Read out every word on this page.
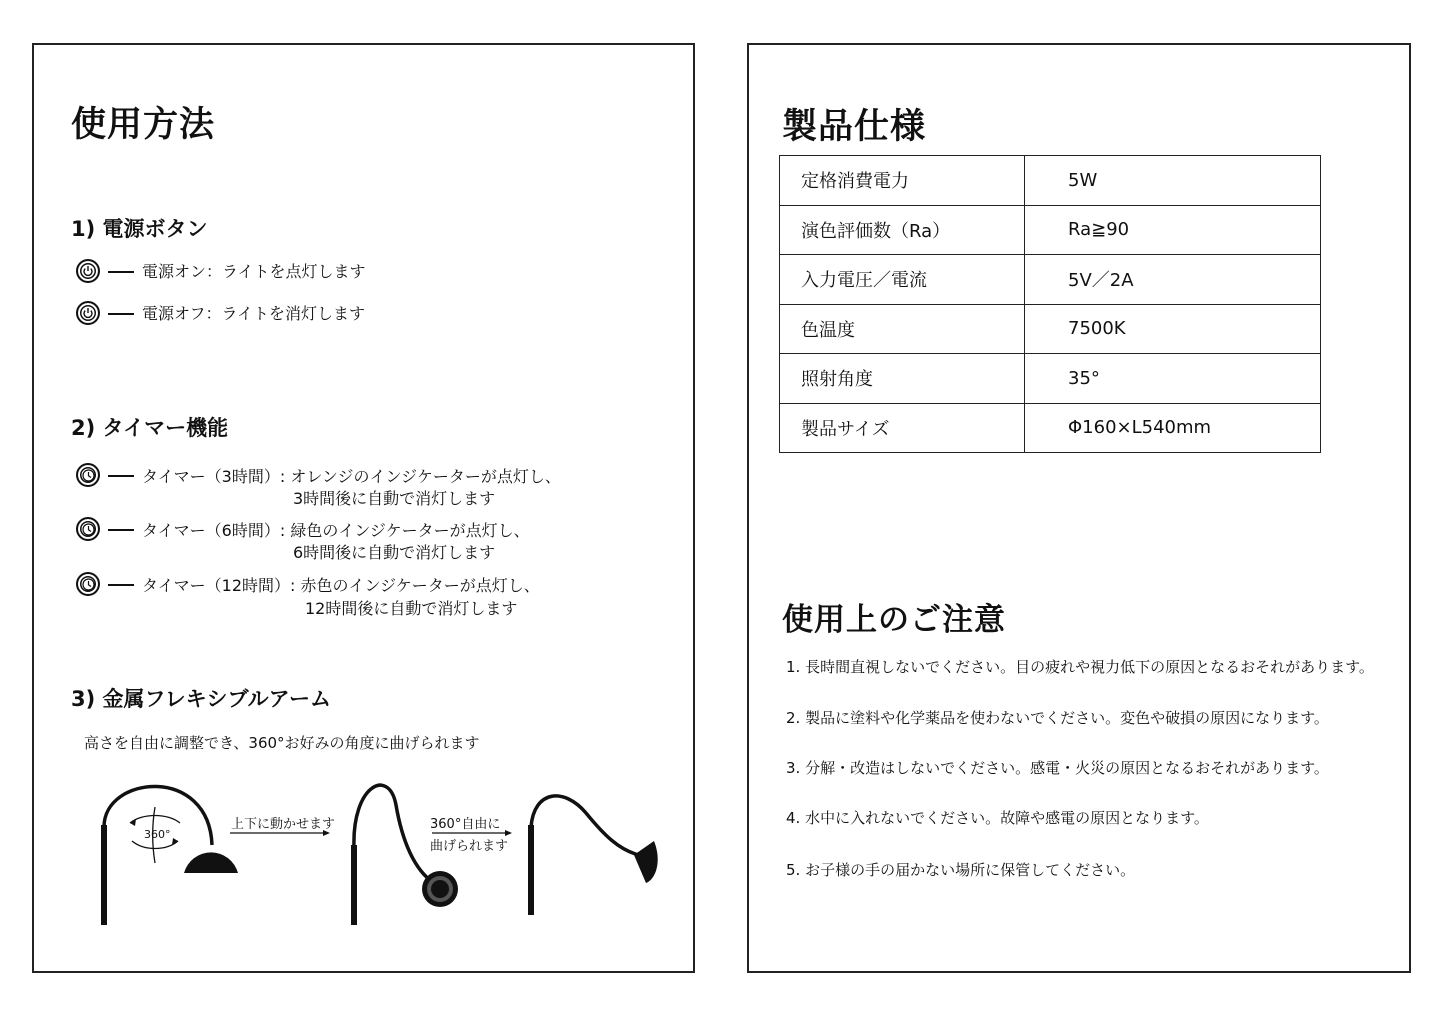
使用方法
1) 電源ボタン
電源オン：ライトを点灯します
電源オフ：ライトを消灯します
2) タイマー機能
タイマー（3時間）: オレンジのインジケーターが点灯し、
3時間後に自動で消灯します
タイマー（6時間）: 緑色のインジケーターが点灯し、
6時間後に自動で消灯します
タイマー（12時間）: 赤色のインジケーターが点灯し、
12時間後に自動で消灯します
3) 金属フレキシブルアーム
高さを自由に調整でき、360°お好みの角度に曲げられます
360°
上下に動かせます	360°自由に
曲げられます
製品仕様
定格消費電力	5W
演色評価数（Ra）	Ra≧90
入力電圧／電流	5V／2A
色温度	7500K
照射角度	35°
製品サイズ	Φ160×L540mm
使用上のご注意
1. 長時間直視しないでください。目の疲れや視力低下の原因となるおそれがあります。
2. 製品に塗料や化学薬品を使わないでください。変色や破損の原因になります。
3. 分解・改造はしないでください。感電・火災の原因となるおそれがあります。
4. 水中に入れないでください。故障や感電の原因となります。
5. お子様の手の届かない場所に保管してください。
